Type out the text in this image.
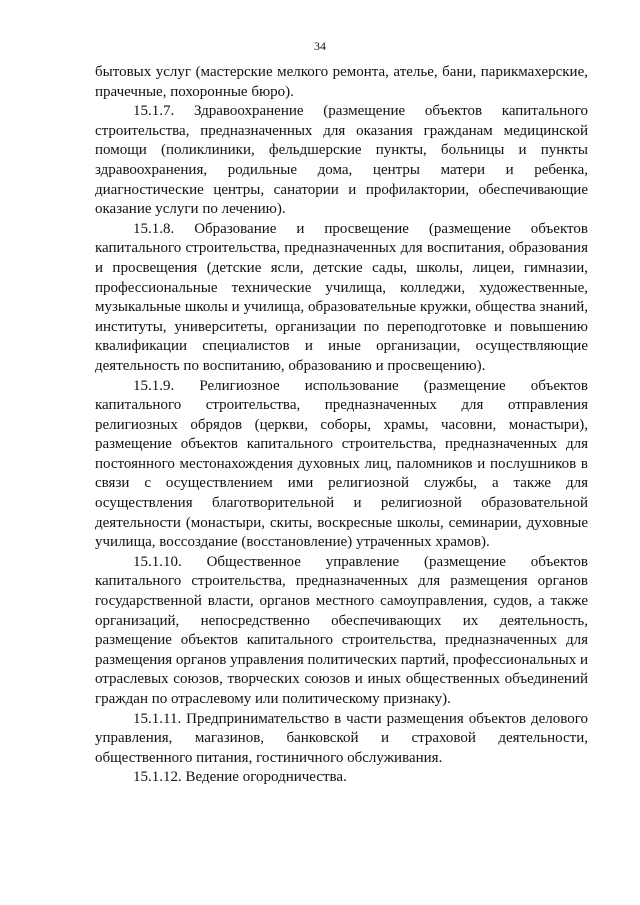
34

бытовых услуг (мастерские мелкого ремонта, ателье, бани, парикмахерские, прачечные, похоронные бюро).

15.1.7. Здравоохранение (размещение объектов капитального строительства, предназначенных для оказания гражданам медицинской помощи (поликлиники, фельдшерские пункты, больницы и пункты здравоохранения, родильные дома, центры матери и ребенка, диагностические центры, санатории и профилактории, обеспечивающие оказание услуги по лечению).

15.1.8. Образование и просвещение (размещение объектов капитального строительства, предназначенных для воспитания, образования и просвещения (детские ясли, детские сады, школы, лицеи, гимназии, профессиональные технические училища, колледжи, художественные, музыкальные школы и училища, образовательные кружки, общества знаний, институты, университеты, организации по переподготовке и повышению квалификации специалистов и иные организации, осуществляющие деятельность по воспитанию, образованию и просвещению).

15.1.9. Религиозное использование (размещение объектов капитального строительства, предназначенных для отправления религиозных обрядов (церкви, соборы, храмы, часовни, монастыри), размещение объектов капитального строительства, предназначенных для постоянного местонахождения духовных лиц, паломников и послушников в связи с осуществлением ими религиозной службы, а также для осуществления благотворительной и религиозной образовательной деятельности (монастыри, скиты, воскресные школы, семинарии, духовные училища, воссоздание (восстановление) утраченных храмов).

15.1.10. Общественное управление (размещение объектов капитального строительства, предназначенных для размещения органов государственной власти, органов местного самоуправления, судов, а также организаций, непосредственно обеспечивающих их деятельность, размещение объектов капитального строительства, предназначенных для размещения органов управления политических партий, профессиональных и отраслевых союзов, творческих союзов и иных общественных объединений граждан по отраслевому или политическому признаку).

15.1.11. Предпринимательство в части размещения объектов делового управления, магазинов, банковской и страховой деятельности, общественного питания, гостиничного обслуживания.

15.1.12. Ведение огородничества.
